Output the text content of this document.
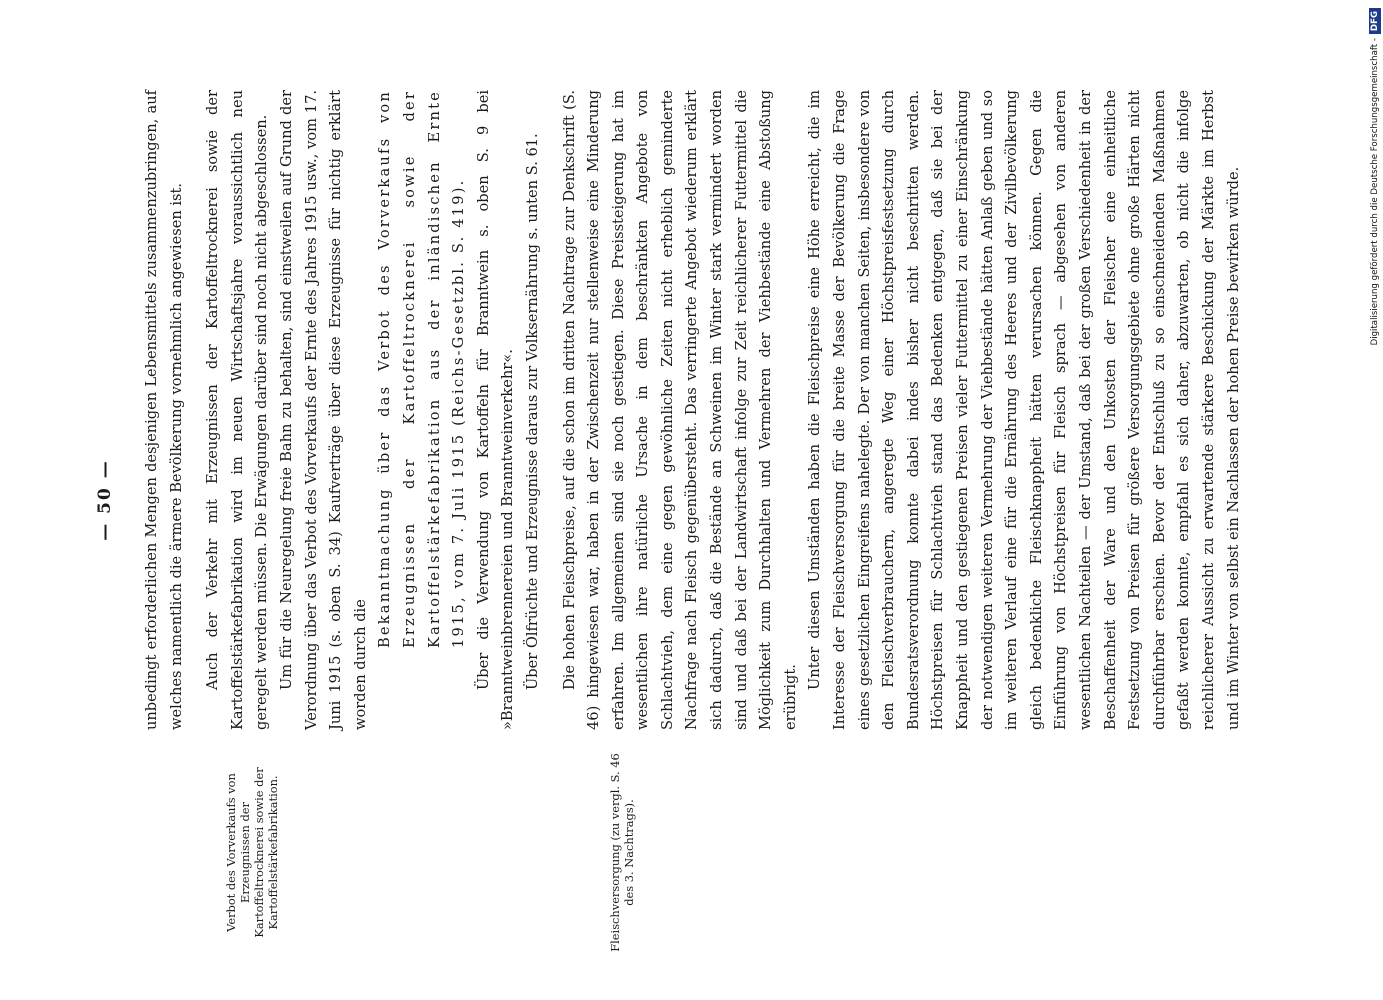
— 50 —
Verbot des Vorverkaufs von Erzeugnissen der Kartoffeltrocknerei sowie der Kartoffelstärkefabrikation.	Fleischversorgung (zu vergl. S. 46 des 3. Nachtrags).

unbedingt erforderlichen Mengen desjenigen Lebensmittels zusammenzubringen, auf welches namentlich die ärmere Bevölkerung vornehmlich angewiesen ist.	Auch der Verkehr mit Erzeugnissen der Kartoffeltrocknerei sowie der Kartoffelstärkefabrikation wird im neuen Wirtschaftsjahre voraussichtlich neu geregelt werden müssen. Die Erwägungen darüber sind noch nicht abgeschlossen. Um für die Neuregelung freie Bahn zu behalten, sind einstweilen auf Grund der Verordnung über das Verbot des Vorverkaufs der Ernte des Jahres 1915 usw., vom 17. Juni 1915 (s. oben S. 34) Kaufverträge über diese Erzeugnisse für nichtig erklärt worden durch die

Bekanntmachung über das Verbot des Vorverkaufs von Erzeugnissen der Kartoffeltrocknerei sowie der Kartoffelstärkefabrikation aus der inländischen Ernte 1915, vom 7. Juli 1915 (Reichs-Gesetzbl. S. 419). Über die Verwendung von Kartoffeln für Branntwein s. oben S. 9 bei »Branntweinbrennereien und Branntweinverkehr«. Über Ölfrüchte und Erzeugnisse daraus zur Volksernährung s. unten S. 61.	Die hohen Fleischpreise, auf die schon im dritten Nachtrage zur Denkschrift (S. 46) hingewiesen war, haben in der Zwischenzeit nur stellenweise eine Minderung erfahren. Im allgemeinen sind sie noch gestiegen. Diese Preissteigerung hat im wesentlichen ihre natürliche Ursache in dem beschränkten Angebote von Schlachtvieh, dem eine gegen gewöhnliche Zeiten nicht erheblich geminderte Nachfrage nach Fleisch gegenübersteht. Das verringerte Angebot wiederum erklärt sich dadurch, daß die Bestände an Schweinen im Winter stark vermindert worden sind und daß bei der Landwirtschaft infolge zur Zeit reichlicherer Futtermittel die Möglichkeit zum Durchhalten und Vermehren der Viehbestände eine Abstoßung erübrigt.

Unter diesen Umständen haben die Fleischpreise eine Höhe erreicht, die im Interesse der Fleischversorgung für die breite Masse der Bevölkerung die Frage eines gesetzlichen Eingreifens nahelegte. Der von manchen Seiten, insbesondere von den Fleischverbrauchern, angeregte Weg einer Höchstpreisfestsetzung durch Bundesratsverordnung konnte dabei indes bisher nicht beschritten werden. Höchstpreisen für Schlachtvieh stand das Bedenken entgegen, daß sie bei der Knappheit und den gestiegenen Preisen vieler Futtermittel zu einer Einschränkung der notwendigen weiteren Vermehrung der Viehbestände hätten Anlaß geben und so im weiteren Verlauf eine für die Ernährung des Heeres und der Zivilbevölkerung gleich bedenkliche Fleischknappheit hätten verursachen können. Gegen die Einführung von Höchstpreisen für Fleisch sprach — abgesehen von anderen wesentlichen Nachteilen — der Umstand, daß bei der großen Verschiedenheit in der Beschaffenheit der Ware und den Unkosten der Fleischer eine einheitliche Festsetzung von Preisen für größere Versorgungsgebiete ohne große Härten nicht durchführbar erschien. Bevor der Entschluß zu so einschneidenden Maßnahmen gefaßt werden konnte, empfahl es sich daher, abzuwarten, ob nicht die infolge reichlicherer Aussicht zu erwartende stärkere Beschickung der Märkte im Herbst und im Winter von selbst ein Nachlassen der hohen Preise bewirken würde.	Digitalisierung gefördert durch die Deutsche Forschungsgemeinschaft -DFG
